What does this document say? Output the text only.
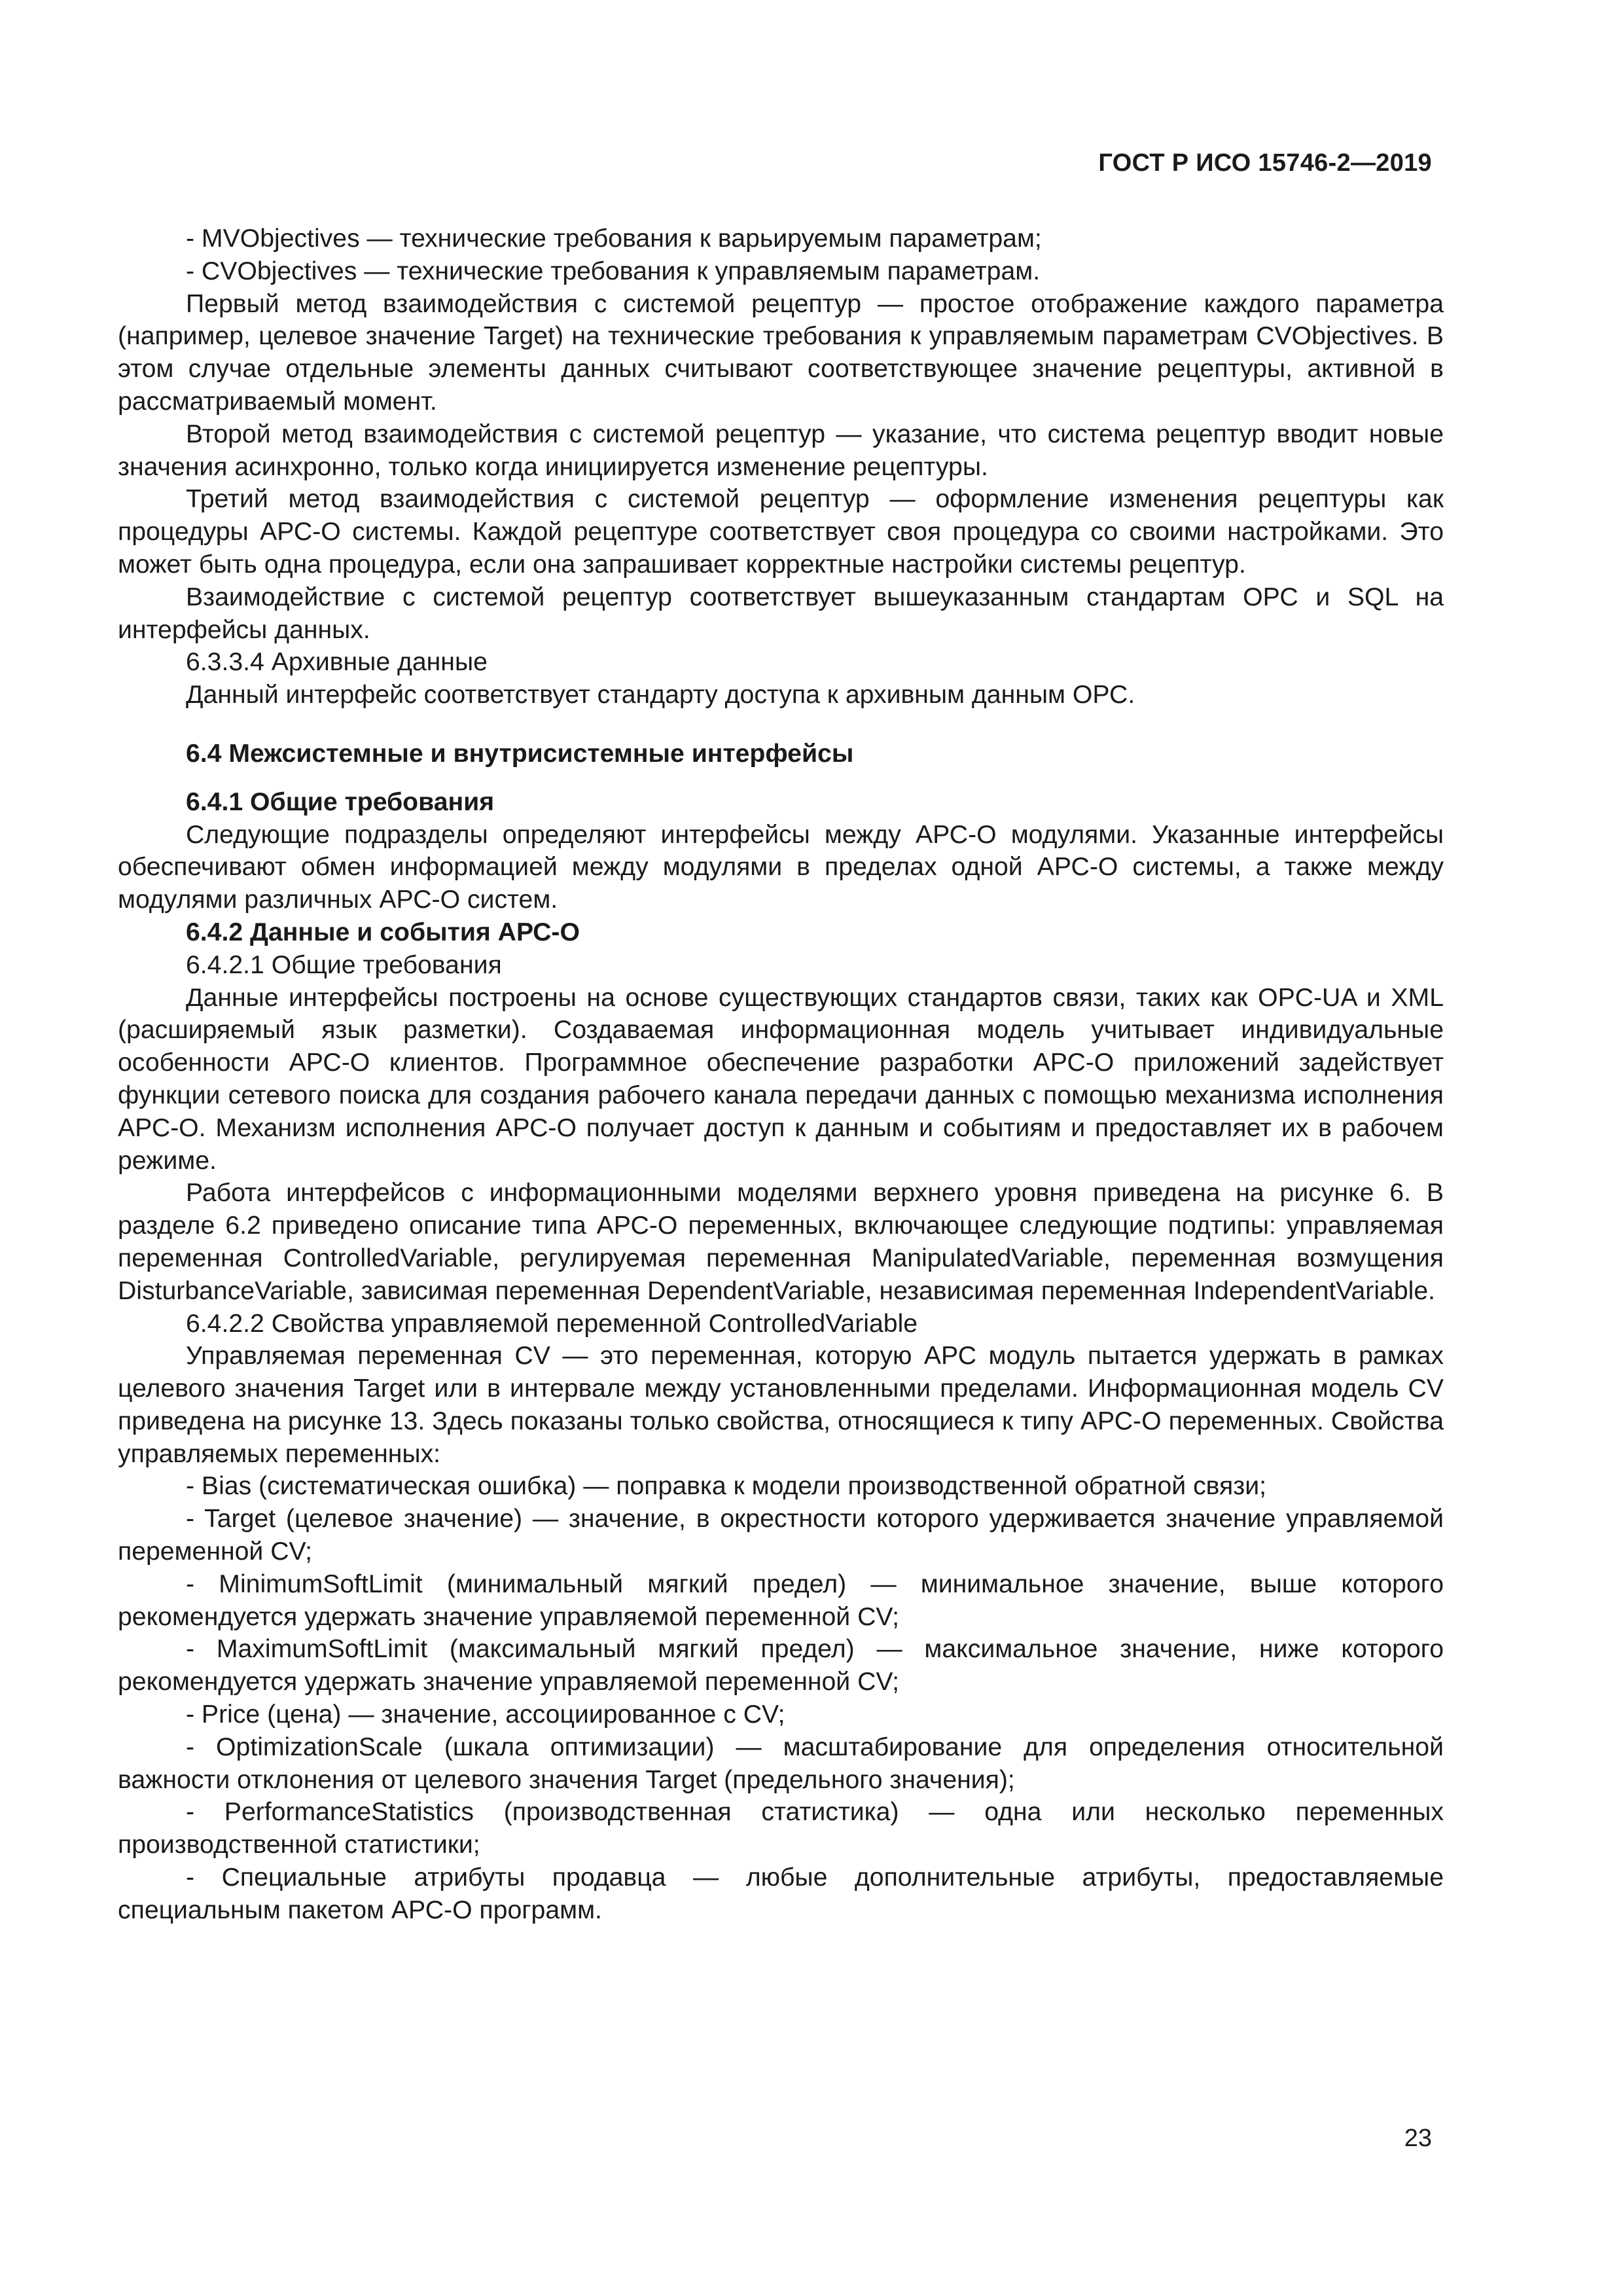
ГОСТ Р ИСО 15746-2—2019

- MVObjectives — технические требования к варьируемым параметрам;

- CVObjectives — технические требования к управляемым параметрам.

Первый метод взаимодействия с системой рецептур — простое отображение каждого параметра (например, целевое значение Target) на технические требования к управляемым параметрам CVObjectives. В этом случае отдельные элементы данных считывают соответствующее значение рецептуры, активной в рассматриваемый момент.

Второй метод взаимодействия с системой рецептур — указание, что система рецептур вводит новые значения асинхронно, только когда инициируется изменение рецептуры.

Третий метод взаимодействия с системой рецептур — оформление изменения рецептуры как процедуры АРС-О системы. Каждой рецептуре соответствует своя процедура со своими настройками. Это может быть одна процедура, если она запрашивает корректные настройки системы рецептур.

Взаимодействие с системой рецептур соответствует вышеуказанным стандартам ОРС и SQL на интерфейсы данных.

6.3.3.4 Архивные данные

Данный интерфейс соответствует стандарту доступа к архивным данным ОРС.

6.4 Межсистемные и внутрисистемные интерфейсы

6.4.1 Общие требования

Следующие подразделы определяют интерфейсы между АРС-О модулями. Указанные интерфейсы обеспечивают обмен информацией между модулями в пределах одной АРС-О системы, а также между модулями различных АРС-О систем.

6.4.2 Данные и события АРС-О

6.4.2.1 Общие требования

Данные интерфейсы построены на основе существующих стандартов связи, таких как OPC-UA и XML (расширяемый язык разметки). Создаваемая информационная модель учитывает индивидуальные особенности АРС-О клиентов. Программное обеспечение разработки АРС-О приложений задействует функции сетевого поиска для создания рабочего канала передачи данных с помощью механизма исполнения АРС-О. Механизм исполнения АРС-О получает доступ к данным и событиям и предоставляет их в рабочем режиме.

Работа интерфейсов с информационными моделями верхнего уровня приведена на рисунке 6. В разделе 6.2 приведено описание типа АРС-О переменных, включающее следующие подтипы: управляемая переменная ControlledVariable, регулируемая переменная ManipulatedVariable, переменная возмущения DisturbanceVariable, зависимая переменная DependentVariable, независимая переменная IndependentVariable.

6.4.2.2 Свойства управляемой переменной ControlledVariable

Управляемая переменная CV — это переменная, которую АРС модуль пытается удержать в рамках целевого значения Target или в интервале между установленными пределами. Информационная модель CV приведена на рисунке 13. Здесь показаны только свойства, относящиеся к типу АРС-О переменных. Свойства управляемых переменных:

- Bias (систематическая ошибка) — поправка к модели производственной обратной связи;

- Target (целевое значение) — значение, в окрестности которого удерживается значение управляемой переменной CV;

- MinimumSoftLimit (минимальный мягкий предел) — минимальное значение, выше которого рекомендуется удержать значение управляемой переменной CV;

- MaximumSoftLimit (максимальный мягкий предел) — максимальное значение, ниже которого рекомендуется удержать значение управляемой переменной CV;

- Price (цена) — значение, ассоциированное с CV;

- OptimizationScale (шкала оптимизации) — масштабирование для определения относительной важности отклонения от целевого значения Target (предельного значения);

- PerformanceStatistics (производственная статистика) — одна или несколько переменных производственной статистики;

- Специальные атрибуты продавца — любые дополнительные атрибуты, предоставляемые специальным пакетом АРС-О программ.

23
